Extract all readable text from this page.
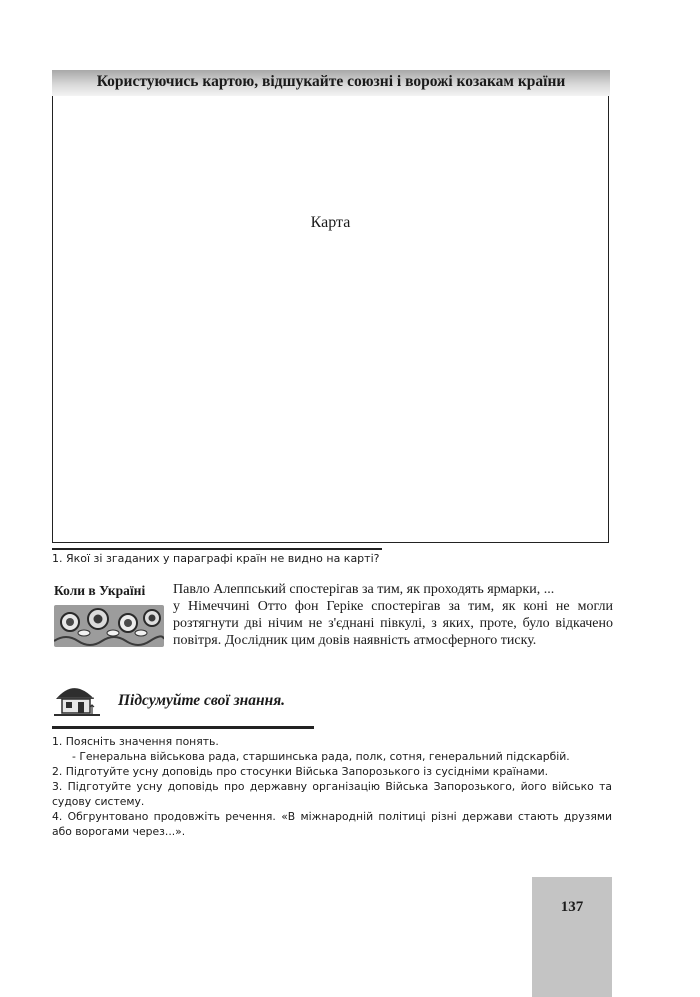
Користуючись картою, відшукайте союзні і ворожі козакам країни
Карта
1. Якої зі згаданих у параграфі країн не видно на карті?
Коли в Україні	Павло Алеппський спостерігав за тим, як проходять ярмарки, ...

у Німеччині Отто фон Геріке спостерігав за тим, як коні не могли розтягнути дві нічим не з'єднані півкулі, з яких, проте, було відкачено повітря. Дослідник цим довів наявність атмосферного тиску.

Підсумуйте свої знання.

1. Поясніть значення понять.

- Генеральна військова рада, старшинська рада, полк, сотня, генеральний підскарбій.

2. Підготуйте усну доповідь про стосунки Війська Запорозького із сусідніми країнами.

3. Підготуйте усну доповідь про державну організацію Війська Запорозького, його військо та судову систему.

4. Обгрунтовано продовжіть речення. «В міжнародній політиці різні держави стають друзями або ворогами через...».

137
